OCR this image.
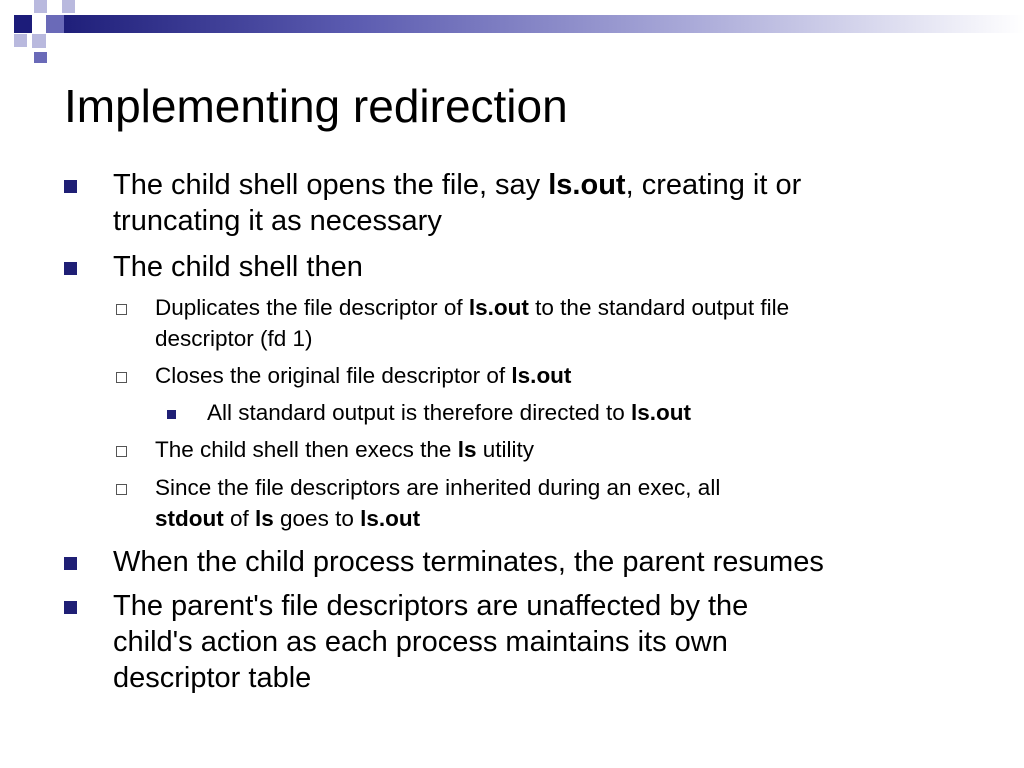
Implementing redirection
The child shell opens the file, say ls.out, creating it or
truncating it as necessary
The child shell then
Duplicates the file descriptor of ls.out to the standard output file
descriptor (fd 1)
Closes the original file descriptor of ls.out
All standard output is therefore directed to ls.out
The child shell then execs the ls utility
Since the file descriptors are inherited during an exec, all
stdout of ls goes to ls.out
When the child process terminates, the parent resumes
The parent's file descriptors are unaffected by the
child's action as each process maintains its own
descriptor table
